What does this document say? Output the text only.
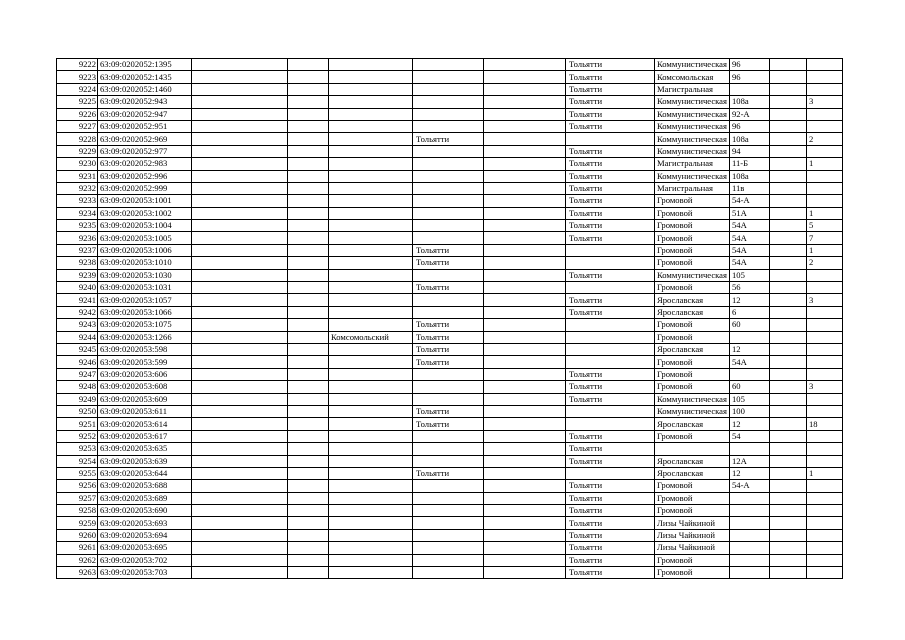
9222	63:09:0202052:1395						Тольятти	Коммунистическая	96		
9223	63:09:0202052:1435						Тольятти	Комсомольская	96		
9224	63:09:0202052:1460						Тольятти	Магистральная			
9225	63:09:0202052:943						Тольятти	Коммунистическая	108а		3
9226	63:09:0202052:947						Тольятти	Коммунистическая	92-А		
9227	63:09:0202052:951						Тольятти	Коммунистическая	96		
9228	63:09:0202052:969				Тольятти			Коммунистическая	108а		2
9229	63:09:0202052:977						Тольятти	Коммунистическая	94		
9230	63:09:0202052:983						Тольятти	Магистральная	11-Б		1
9231	63:09:0202052:996						Тольятти	Коммунистическая	108а		
9232	63:09:0202052:999						Тольятти	Магистральная	11в		
9233	63:09:0202053:1001						Тольятти	Громовой	54-А		
9234	63:09:0202053:1002						Тольятти	Громовой	51А		1
9235	63:09:0202053:1004						Тольятти	Громовой	54А		5
9236	63:09:0202053:1005						Тольятти	Громовой	54А		7
9237	63:09:0202053:1006				Тольятти			Громовой	54А		1
9238	63:09:0202053:1010				Тольятти			Громовой	54А		2
9239	63:09:0202053:1030						Тольятти	Коммунистическая	105		
9240	63:09:0202053:1031				Тольятти			Громовой	56		
9241	63:09:0202053:1057						Тольятти	Ярославская	12		3
9242	63:09:0202053:1066						Тольятти	Ярославская	6		
9243	63:09:0202053:1075				Тольятти			Громовой	60		
9244	63:09:0202053:1266			Комсомольский	Тольятти			Громовой			
9245	63:09:0202053:598				Тольятти			Ярославская	12		
9246	63:09:0202053:599				Тольятти			Громовой	54А		
9247	63:09:0202053:606						Тольятти	Громовой			
9248	63:09:0202053:608						Тольятти	Громовой	60		3
9249	63:09:0202053:609						Тольятти	Коммунистическая	105		
9250	63:09:0202053:611				Тольятти			Коммунистическая	100		
9251	63:09:0202053:614				Тольятти			Ярославская	12		18
9252	63:09:0202053:617						Тольятти	Громовой	54		
9253	63:09:0202053:635						Тольятти				
9254	63:09:0202053:639						Тольятти	Ярославская	12А		
9255	63:09:0202053:644				Тольятти			Ярославская	12		1
9256	63:09:0202053:688						Тольятти	Громовой	54-А		
9257	63:09:0202053:689						Тольятти	Громовой			
9258	63:09:0202053:690						Тольятти	Громовой			
9259	63:09:0202053:693						Тольятти	Лизы Чайкиной			
9260	63:09:0202053:694						Тольятти	Лизы Чайкиной			
9261	63:09:0202053:695						Тольятти	Лизы Чайкиной			
9262	63:09:0202053:702						Тольятти	Громовой			
9263	63:09:0202053:703						Тольятти	Громовой			
